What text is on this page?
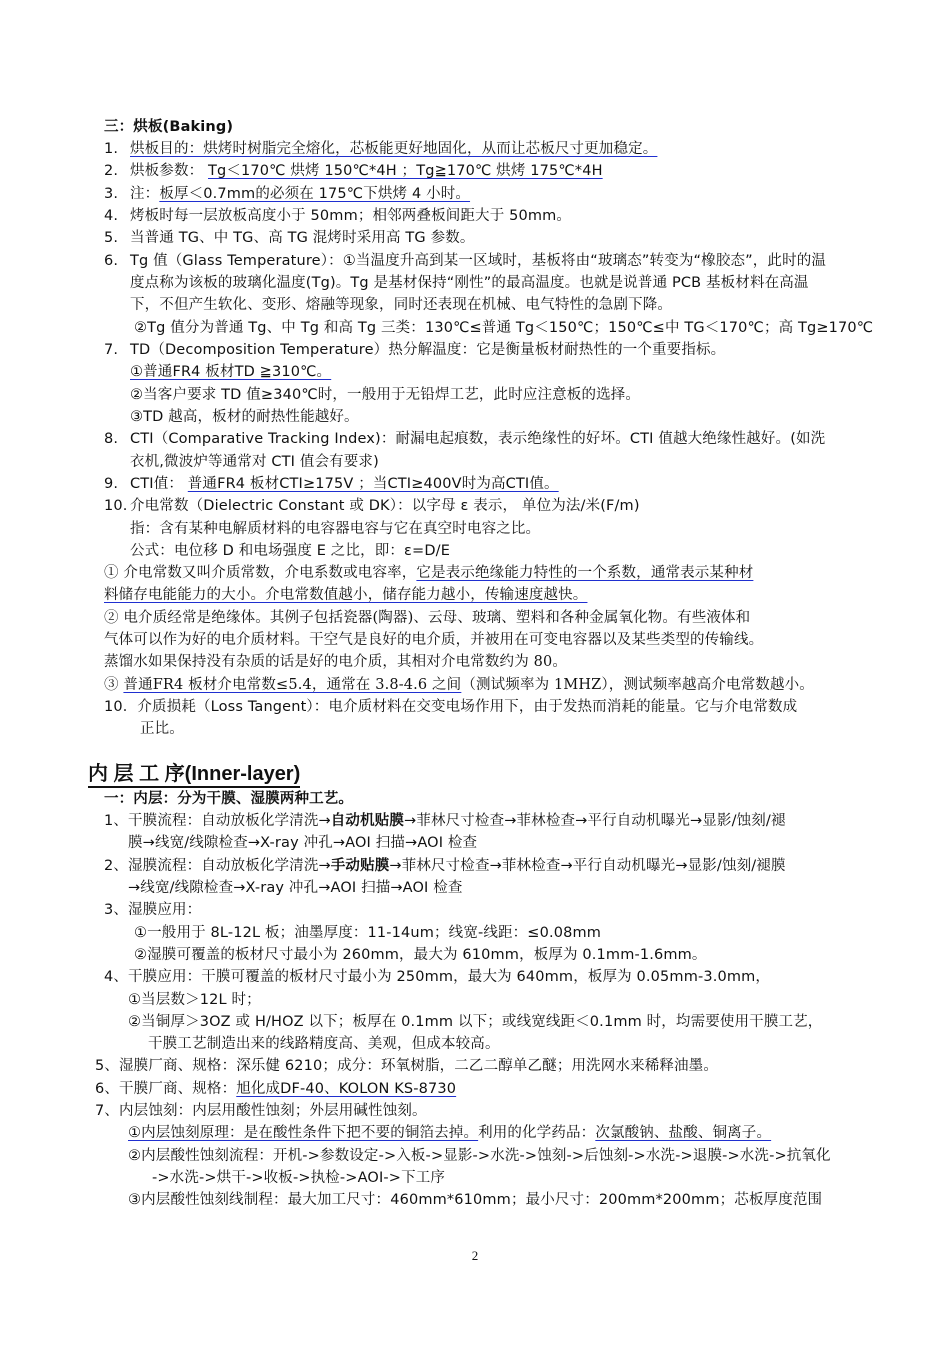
三：烘板(Baking)
1. 烘板目的：烘烤时树脂完全熔化，芯板能更好地固化，从而让芯板尺寸更加稳定。
2. 烘板参数： Tg＜170℃ 烘烤 150℃*4H ；Tg≧170℃ 烘烤 175℃*4H
3. 注：板厚＜0.7mm的必须在 175℃下烘烤 4 小时。
4. 烤板时每一层放板高度小于 50mm；相邻两叠板间距大于 50mm。
5. 当普通 TG、中 TG、高 TG 混烤时采用高 TG 参数。
6. Tg 值（Glass Temperature）：①当温度升高到某一区域时，基板将由“玻璃态”转变为“橡胶态”，此时的温
度点称为该板的玻璃化温度(Tg)。Tg 是基材保持“刚性”的最高温度。也就是说普通 PCB 基板材料在高温
下，不但产生软化、变形、熔融等现象，同时还表现在机械、电气特性的急剧下降。
②Tg 值分为普通 Tg、中 Tg 和高 Tg 三类：130℃≤普通 Tg＜150℃；150℃≤中 TG＜170℃；高 Tg≥170℃
7. TD（Decomposition Temperature）热分解温度：它是衡量板材耐热性的一个重要指标。
①普通FR4 板材TD ≧310℃。
②当客户要求 TD 值≥340℃时，一般用于无铅焊工艺，此时应注意板的选择。
③TD 越高，板材的耐热性能越好。
8. CTI（Comparative Tracking Index)：耐漏电起痕数，表示绝缘性的好坏。CTI 值越大绝缘性越好。(如洗
衣机,微波炉等通常对 CTI 值会有要求)
9. CTI值： 普通FR4 板材CTI≥175V ；当CTI≥400V时为高CTI值。
10. 介电常数（Dielectric Constant 或 DK）：以字母 ε 表示， 单位为法/米(F/m)
指：含有某种电解质材料的电容器电容与它在真空时电容之比。
公式：电位移 D 和电场强度 E 之比，即：ε=D/E
① 介电常数又叫介质常数，介电系数或电容率，它是表示绝缘能力特性的一个系数，通常表示某种材
料储存电能能力的大小。介电常数值越小，储存能力越小，传输速度越快。
② 电介质经常是绝缘体。其例子包括瓷器(陶器)、云母、玻璃、塑料和各种金属氧化物。有些液体和
气体可以作为好的电介质材料。干空气是良好的电介质，并被用在可变电容器以及某些类型的传输线。
蒸馏水如果保持没有杂质的话是好的电介质，其相对介电常数约为 80。
③ 普通FR4 板材介电常数≤5.4，通常在 3.8-4.6 之间（测试频率为 1MHZ），测试频率越高介电常数越小。
10．介质损耗（Loss Tangent）：电介质材料在交变电场作用下，由于发热而消耗的能量。它与介电常数成
正比。
内 层 工 序(Inner-layer)
一：内层：分为干膜、湿膜两种工艺。
1、干膜流程：自动放板化学清洗→自动机贴膜→菲林尺寸检查→菲林检查→平行自动机曝光→显影/蚀刻/褪
膜→线宽/线隙检查→X-ray 冲孔→AOI 扫描→AOI 检查
2、湿膜流程：自动放板化学清洗→手动贴膜→菲林尺寸检查→菲林检查→平行自动机曝光→显影/蚀刻/褪膜
→线宽/线隙检查→X-ray 冲孔→AOI 扫描→AOI 检查
3、湿膜应用：
①一般用于 8L-12L 板；油墨厚度：11-14um；线宽-线距：≤0.08mm
②湿膜可覆盖的板材尺寸最小为 260mm，最大为 610mm，板厚为 0.1mm-1.6mm。
4、干膜应用：干膜可覆盖的板材尺寸最小为 250mm，最大为 640mm，板厚为 0.05mm-3.0mm，
①当层数＞12L 时；
②当铜厚＞3OZ 或 H/HOZ 以下；板厚在 0.1mm 以下；或线宽线距＜0.1mm 时，均需要使用干膜工艺，
干膜工艺制造出来的线路精度高、美观，但成本较高。
5、湿膜厂商、规格：深乐健 6210；成分：环氧树脂，二乙二醇单乙醚；用洗网水来稀释油墨。
6、干膜厂商、规格：旭化成DF-40、KOLON KS-8730
7、内层蚀刻：内层用酸性蚀刻；外层用碱性蚀刻。
①内层蚀刻原理：是在酸性条件下把不要的铜箔去掉。利用的化学药品：次氯酸钠、盐酸、铜离子。
②内层酸性蚀刻流程：开机->参数设定->入板->显影->水洗->蚀刻->后蚀刻->水洗->退膜->水洗->抗氧化
->水洗->烘干->收板->执检->AOI->下工序
③内层酸性蚀刻线制程：最大加工尺寸：460mm*610mm；最小尺寸：200mm*200mm；芯板厚度范围
2
